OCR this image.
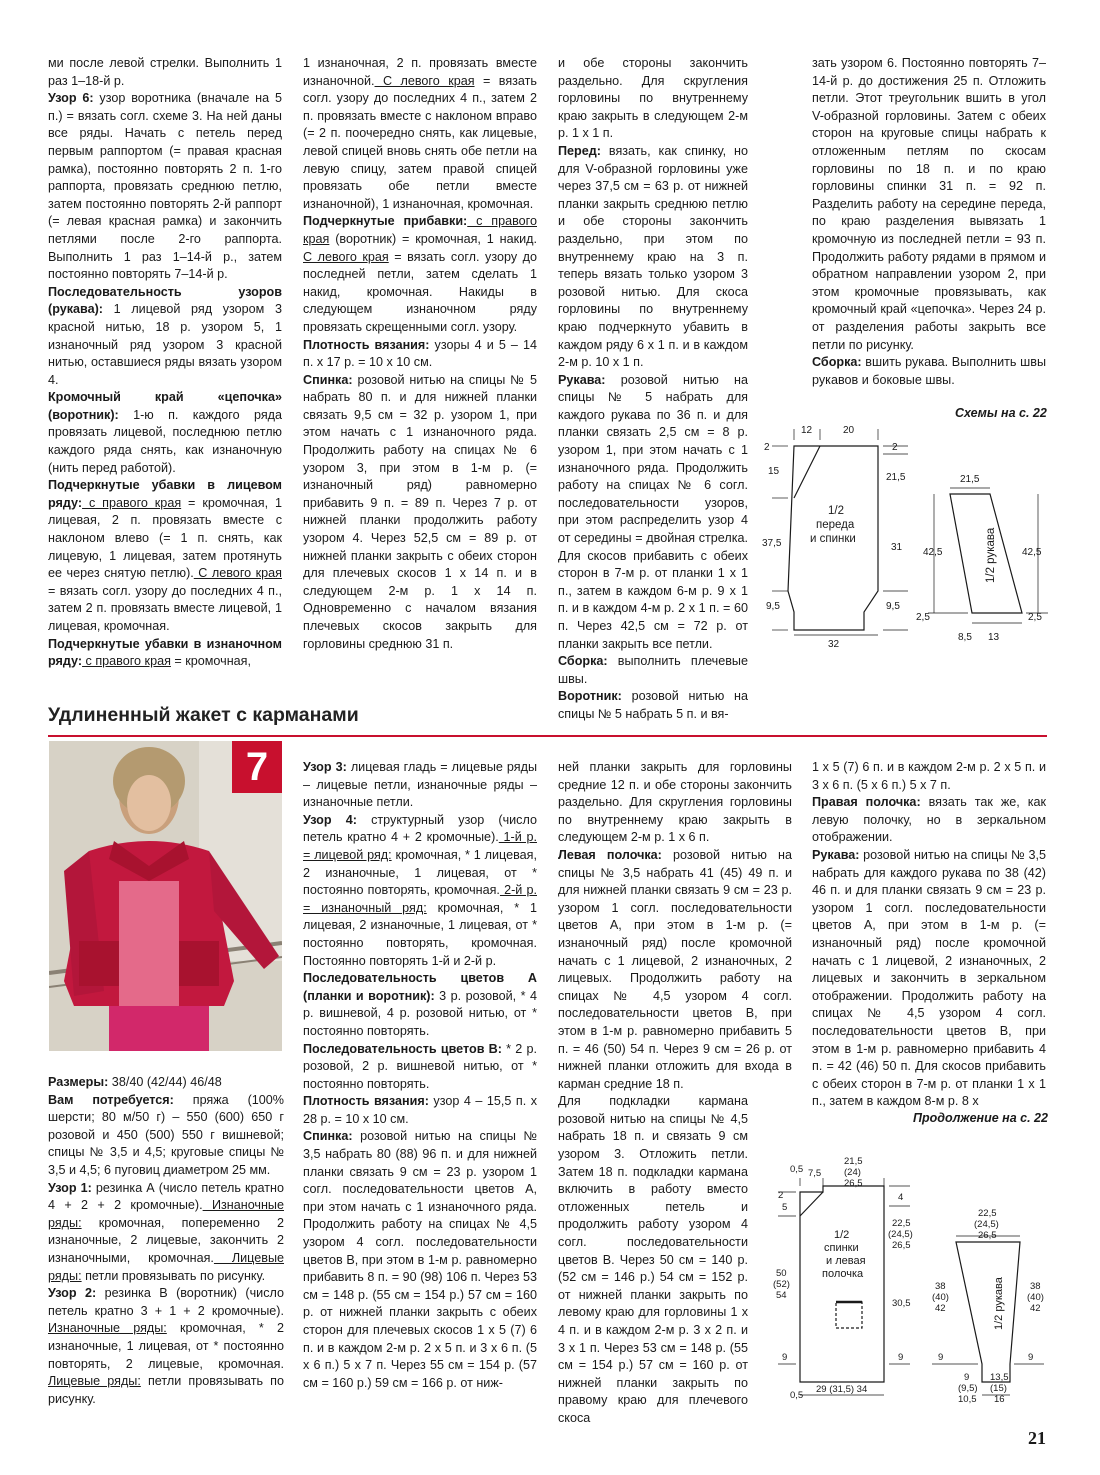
ми после левой стрелки. Выполнить 1 раз 1–18-й р.

Узор 6: узор воротника (вначале на 5 п.) = вязать согл. схеме 3. На ней даны все ряды. Начать с петель перед первым раппортом (= правая красная рамка), постоянно повторять 2 п. 1-го раппорта, провязать среднюю петлю, затем постоянно повторять 2-й раппорт (= левая красная рамка) и закончить петлями после 2-го раппорта. Выполнить 1 раз 1–14-й р., затем постоянно повторять 7–14-й р.

Последовательность узоров (рукава): 1 лицевой ряд узором 3 красной нитью, 18 р. узором 5, 1 изнаночный ряд узором 3 красной нитью, оставшиеся ряды вязать узором 4.

Кромочный край «цепочка» (воротник): 1-ю п. каждого ряда провязать лицевой, последнюю петлю каждого ряда снять, как изнаночную (нить перед работой).

Подчеркнутые убавки в лицевом ряду: с правого края = кромочная, 1 лицевая, 2 п. провязать вместе с наклоном влево (= 1 п. снять, как лицевую, 1 лицевая, затем протянуть ее через снятую петлю). С левого края = вязать согл. узору до последних 4 п., затем 2 п. провязать вместе лицевой, 1 лицевая, кромочная.

Подчеркнутые убавки в изнаночном ряду: с правого края = кромочная,

1 изнаночная, 2 п. провязать вместе изнаночной. С левого края = вязать согл. узору до последних 4 п., затем 2 п. провязать вместе с наклоном вправо (= 2 п. поочередно снять, как лицевые, левой спицей вновь снять обе петли на левую спицу, затем правой спицей провязать обе петли вместе изнаночной), 1 изнаночная, кромочная.

Подчеркнутые прибавки: с правого края (воротник) = кромочная, 1 накид. С левого края = вязать согл. узору до последней петли, затем сделать 1 накид, кромочная. Накиды в следующем изнаночном ряду провязать скрещенными согл. узору.

Плотность вязания: узоры 4 и 5 – 14 п. x 17 р. = 10 x 10 см.

Спинка: розовой нитью на спицы № 5 набрать 80 п. и для нижней планки связать 9,5 см = 32 р. узором 1, при этом начать с 1 изнаночного ряда. Продолжить работу на спицах № 6 узором 3, при этом в 1-м р. (= изнаночный ряд) равномерно прибавить 9 п. = 89 п. Через 7 р. от нижней планки продолжить работу узором 4. Через 52,5 см = 89 р. от нижней планки закрыть с обеих сторон для плечевых скосов 1 x 14 п. и в следующем 2-м р. 1 x 14 п. Одновременно с началом вязания плечевых скосов закрыть для горловины среднюю 31 п.

и обе стороны закончить раздельно. Для скругления горловины по внутреннему краю закрыть в следующем 2-м р. 1 x 1 п.

Перед: вязать, как спинку, но для V-образной горловины уже через 37,5 см = 63 р. от нижней планки закрыть среднюю петлю и обе стороны закончить раздельно, при этом по внутреннему краю на 3 п. теперь вязать только узором 3 розовой нитью. Для скоса горловины по внутреннему краю подчеркнуто убавить в каждом ряду 6 x 1 п. и в каждом 2-м р. 10 x 1 п.

Рукава: розовой нитью на спицы № 5 набрать для каждого рукава по 36 п. и для планки связать 2,5 см = 8 р. узором 1, при этом начать с 1 изнаночного ряда. Продолжить работу на спицах № 6 согл. последовательности узоров, при этом распределить узор 4 от середины = двойная стрелка. Для скосов прибавить с обеих сторон в 7-м р. от планки 1 x 1 п., затем в каждом 6-м р. 9 x 1 п. и в каждом 4-м р. 2 x 1 п. = 60 п. Через 42,5 см = 72 р. от планки закрыть все петли.

Сборка: выполнить плечевые швы.

Воротник: розовой нитью на спицы № 5 набрать 5 п. и вя-

зать узором 6. Постоянно повторять 7–14-й р. до достижения 25 п. Отложить петли. Этот треугольник вшить в угол V-образной горловины. Затем с обеих сторон на круговые спицы набрать к отложенным петлям по скосам горловины по 18 п. и по краю горловины спинки 31 п. = 92 п. Разделить работу на середине переда, по краю разделения вывязать 1 кромочную из последней петли = 93 п. Продолжить работу рядами в прямом и обратном направлении узором 2, при этом кромочные провязывать, как кромочный край «цепочка». Через 24 р. от разделения работы закрыть все петли по рисунку.

Сборка: вшить рукава. Выполнить швы рукавов и боковые швы.

Схемы на с. 22
12	20
2	2
15
21,5
37,5	31
9,5	9,5
32
21,5
42,5	42,5
2,5	2,5
8,5 13
1/2
переда
и спинки	1/2 рукава
Удлиненный жакет с карманами
7

Размеры: 38/40 (42/44) 46/48

Вам потребуется: пряжа (100% шерсти; 80 м/50 г) – 550 (600) 650 г розовой и 450 (500) 550 г вишневой; спицы № 3,5 и 4,5; круговые спицы № 3,5 и 4,5; 6 пуговиц диаметром 25 мм.

Узор 1: резинка А (число петель кратно 4 + 2 + 2 кромочные). Изнаночные ряды: кромочная, попеременно 2 изнаночные, 2 лицевые, закончить 2 изнаночными, кромочная. Лицевые ряды: петли провязывать по рисунку.

Узор 2: резинка В (воротник) (число петель кратно 3 + 1 + 2 кромочные). Изнаночные ряды: кромочная, * 2 изнаночные, 1 лицевая, от * постоянно повторять, 2 лицевые, кромочная. Лицевые ряды: петли провязывать по рисунку.

Узор 3: лицевая гладь = лицевые ряды – лицевые петли, изнаночные ряды – изнаночные петли.

Узор 4: структурный узор (число петель кратно 4 + 2 кромочные). 1-й р. = лицевой ряд: кромочная, * 1 лицевая, 2 изнаночные, 1 лицевая, от * постоянно повторять, кромочная. 2-й р. = изнаночный ряд: кромочная, * 1 лицевая, 2 изнаночные, 1 лицевая, от * постоянно повторять, кромочная. Постоянно повторять 1-й и 2-й р.

Последовательность цветов А (планки и воротник): 3 р. розовой, * 4 р. вишневой, 4 р. розовой нитью, от * постоянно повторять.

Последовательность цветов В: * 2 р. розовой, 2 р. вишневой нитью, от * постоянно повторять.

Плотность вязания: узор 4 – 15,5 п. x 28 р. = 10 x 10 см.

Спинка: розовой нитью на спицы № 3,5 набрать 80 (88) 96 п. и для нижней планки связать 9 см = 23 р. узором 1 согл. последовательности цветов А, при этом начать с 1 изнаночного ряда. Продолжить работу на спицах № 4,5 узором 4 согл. последовательности цветов В, при этом в 1-м р. равномерно прибавить 8 п. = 90 (98) 106 п. Через 53 см = 148 р. (55 см = 154 р.) 57 см = 160 р. от нижней планки закрыть с обеих сторон для плечевых скосов 1 x 5 (7) 6 п. и в каждом 2-м р. 2 x 5 п. и 3 x 6 п. (5 x 6 п.) 5 x 7 п. Через 55 см = 154 р. (57 см = 160 р.) 59 см = 166 р. от ниж-

ней планки закрыть для горловины средние 12 п. и обе стороны закончить раздельно. Для скругления горловины по внутреннему краю закрыть в следующем 2-м р. 1 x 6 п.

Левая полочка: розовой нитью на спицы № 3,5 набрать 41 (45) 49 п. и для нижней планки связать 9 см = 23 р. узором 1 согл. последовательности цветов А, при этом в 1-м р. (= изнаночный ряд) после кромочной начать с 1 лицевой, 2 изнаночных, 2 лицевых. Продолжить работу на спицах № 4,5 узором 4 согл. последовательности цветов В, при этом в 1-м р. равномерно прибавить 5 п. = 46 (50) 54 п. Через 9 см = 26 р. от нижней планки отложить для входа в карман средние 18 п.

Для подкладки кармана розовой нитью на спицы № 4,5 набрать 18 п. и связать 9 см узором 3. Отложить петли. Затем 18 п. подкладки кармана включить в работу вместо отложенных петель и продолжить работу узором 4 согл. последовательности цветов В. Через 50 см = 140 р. (52 см = 146 р.) 54 см = 152 р. от нижней планки закрыть по левому краю для горловины 1 x 4 п. и в каждом 2-м р. 3 x 2 п. и 3 x 1 п. Через 53 см = 148 р. (55 см = 154 р.) 57 см = 160 р. от нижней планки закрыть по правому краю для плечевого скоса

1 x 5 (7) 6 п. и в каждом 2-м р. 2 x 5 п. и 3 x 6 п. (5 x 6 п.) 5 x 7 п.

Правая полочка: вязать так же, как левую полочку, но в зеркальном отображении.

Рукава: розовой нитью на спицы № 3,5 набрать для каждого рукава по 38 (42) 46 п. и для планки связать 9 см = 23 р. узором 1 согл. последовательности цветов А, при этом в 1-м р. (= изнаночный ряд) после кромочной начать с 1 лицевой, 2 изнаночных, 2 лицевых и закончить в зеркальном отображении. Продолжить работу на спицах № 4,5 узором 4 согл. последовательности цветов В, при этом в 1-м р. равномерно прибавить 4 п. = 42 (46) 50 п. Для скосов прибавить с обеих сторон в 7-м р. от планки 1 x 1 п., затем в каждом 8-м р. 8 x

Продолжение на с. 22
0,5 7,5
21,5
(24)
26,5
2
5
4
22,5
(24,5)
26,5
50
(52)
54
30,5
9	9
0,5
29 (31,5) 34
22,5
(24,5)
26,5
38
(40)
42
38
(40)
42
9	9
9
(9,5)
10,5
13,5
(15)
16
1/2
спинки
и левая
полочка
1/2 рукава
21
